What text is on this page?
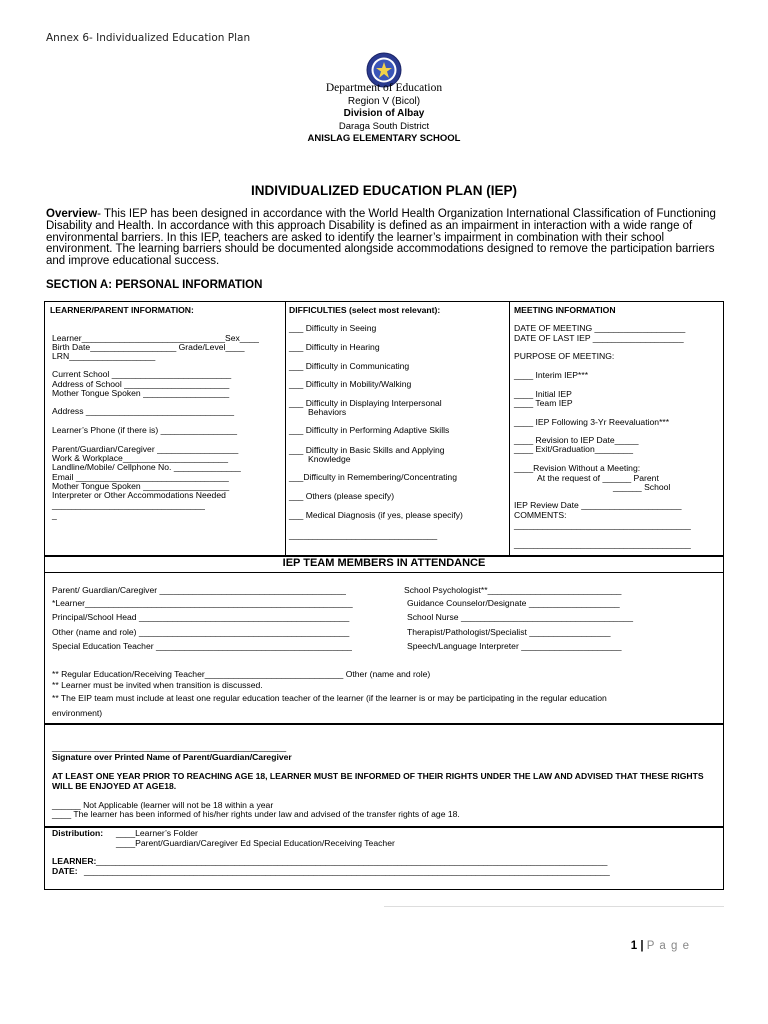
Annex 6- Individualized Education Plan
Department of Education
Region V (Bicol)
Division of Albay
Daraga South District
ANISLAG ELEMENTARY SCHOOL
INDIVIDUALIZED EDUCATION PLAN (IEP)
Overview- This IEP has been designed in accordance with the World Health Organization International Classification of Functioning Disability and Health. In accordance with this approach Disability is defined as an impairment in interaction with a wide range of environmental barriers. In this IEP, teachers are asked to identify the learner’s impairment in combination with their school environment. The learning barriers should be documented alongside accommodations designed to remove the participation barriers and improve educational success.
SECTION A: PERSONAL INFORMATION
LEARNER/PARENT INFORMATION:
Learner______________________________Sex____
Birth Date__________________ Grade/Level____
LRN__________________
Current School _________________________
Address of School ______________________
Mother Tongue Spoken __________________
Address _______________________________
Learner’s Phone (if there is) ________________
Parent/Guardian/Caregiver _________________
Work & Workplace______________________
Landline/Mobile/ Cellphone No. ______________
Email ________________________________
Mother Tongue Spoken __________________
Interpreter or Other Accommodations Needed
________________________________
_
DIFFICULTIES (select most relevant):
___ Difficulty in Seeing
___ Difficulty in Hearing
___ Difficulty in Communicating
___ Difficulty in Mobility/Walking
___ Difficulty in Displaying Interpersonal
Behaviors
___ Difficulty in Performing Adaptive Skills
___ Difficulty in Basic Skills and Applying
Knowledge
___Difficulty in Remembering/Concentrating
___ Others (please specify)
___ Medical Diagnosis (if yes, please specify)
_______________________________
MEETING INFORMATION
DATE OF MEETING ___________________
DATE OF LAST IEP ___________________
PURPOSE OF MEETING:
____ Interim IEP***
____ Initial IEP
____ Team IEP
____ IEP Following 3-Yr Reevaluation***
____ Revision to IEP Date_____
____ Exit/Graduation________
____Revision Without a Meeting:
At the request of ______ Parent
______ School
IEP Review Date _____________________
COMMENTS:
_____________________________________
_____________________________________
IEP TEAM MEMBERS IN ATTENDANCE
Parent/ Guardian/Caregiver _______________________________________
*Learner________________________________________________________
Principal/School Head ____________________________________________
Other (name and role) ____________________________________________
Special Education Teacher _________________________________________
School Psychologist**____________________________
Guidance Counselor/Designate ___________________
School Nurse ____________________________________
Therapist/Pathologist/Specialist _________________
Speech/Language Interpreter _____________________
** Regular Education/Receiving Teacher_____________________________ Other (name and role)
** Learner must be invited when transition is discussed.
** The EIP team must include at least one regular education teacher of the learner (if the learner is or may be participating in the regular education
environment)
_________________________________________________
Signature over Printed Name of Parent/Guardian/Caregiver
AT LEAST ONE YEAR PRIOR TO REACHING AGE 18, LEARNER MUST BE INFORMED OF THEIR RIGHTS UNDER THE LAW AND ADVISED THAT THESE RIGHTS WILL BE ENJOYED AT AGE18.
______ Not Applicable (learner will not be 18 within a year
____ The learner has been informed of his/her rights under law and advised of the transfer rights of age 18.
Distribution: ____Learner’s Folder
____Parent/Guardian/Caregiver Ed Special Education/Receiving Teacher
LEARNER: ___________________________________________________________________________________________________________
DATE: ______________________________________________________________________________________________________________
1 | P a g e
